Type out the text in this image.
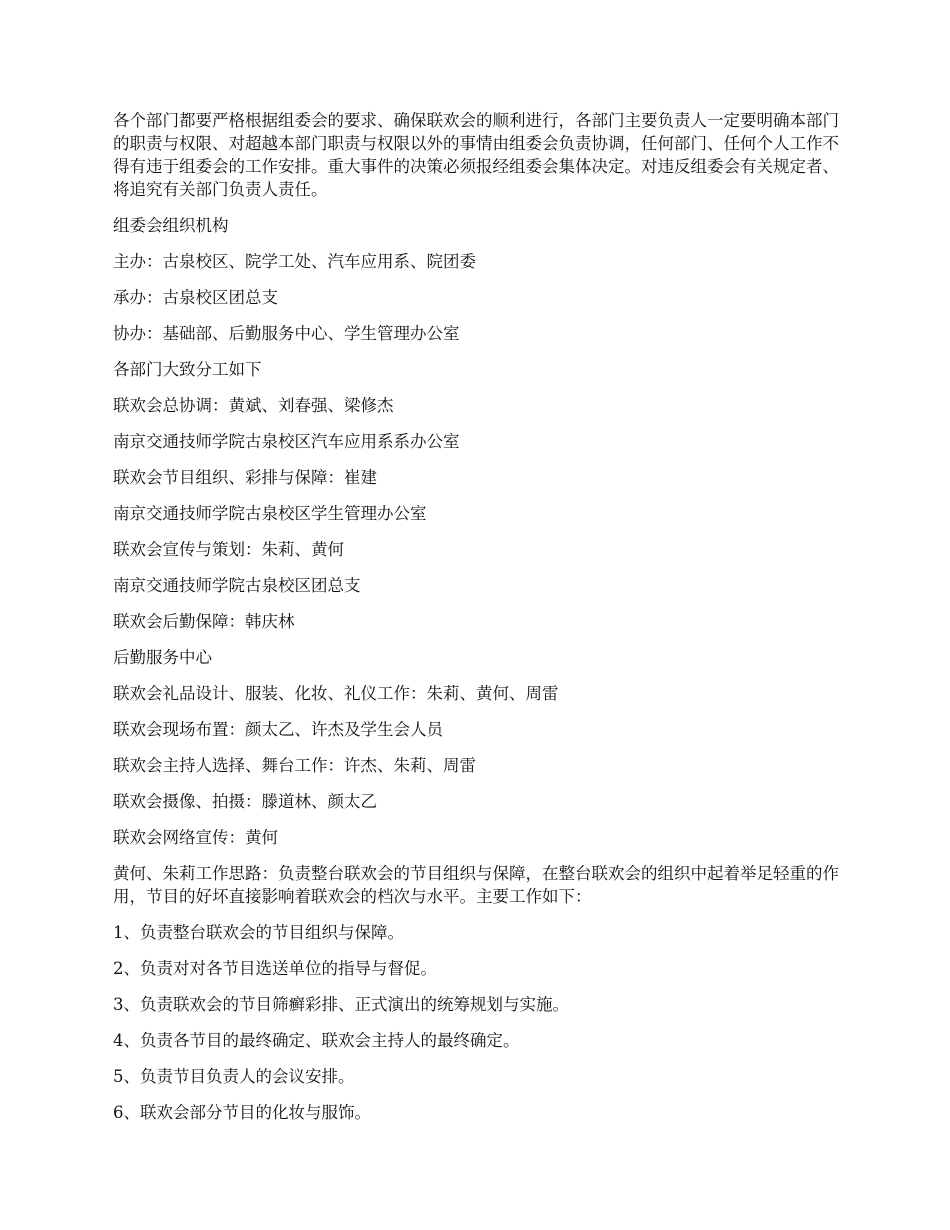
各个部门都要严格根据组委会的要求、确保联欢会的顺利进行，各部门主要负责人一定要明确本部门的职责与权限、对超越本部门职责与权限以外的事情由组委会负责协调，任何部门、任何个人工作不得有违于组委会的工作安排。重大事件的决策必须报经组委会集体决定。对违反组委会有关规定者、将追究有关部门负责人责任。

组委会组织机构

主办：古泉校区、院学工处、汽车应用系、院团委

承办：古泉校区团总支

协办：基础部、后勤服务中心、学生管理办公室

各部门大致分工如下

联欢会总协调：黄斌、刘春强、梁修杰

南京交通技师学院古泉校区汽车应用系系办公室

联欢会节目组织、彩排与保障：崔建

南京交通技师学院古泉校区学生管理办公室

联欢会宣传与策划：朱莉、黄何

南京交通技师学院古泉校区团总支

联欢会后勤保障：韩庆林

后勤服务中心

联欢会礼品设计、服装、化妆、礼仪工作：朱莉、黄何、周雷

联欢会现场布置：颜太乙、许杰及学生会人员

联欢会主持人选择、舞台工作：许杰、朱莉、周雷

联欢会摄像、拍摄：滕道林、颜太乙

联欢会网络宣传：黄何

黄何、朱莉工作思路：负责整台联欢会的节目组织与保障，在整台联欢会的组织中起着举足轻重的作用，节目的好坏直接影响着联欢会的档次与水平。主要工作如下：

1、负责整台联欢会的节目组织与保障。

2、负责对对各节目选送单位的指导与督促。

3、负责联欢会的节目筛癣彩排、正式演出的统筹规划与实施。

4、负责各节目的最终确定、联欢会主持人的最终确定。

5、负责节目负责人的会议安排。

6、联欢会部分节目的化妆与服饰。
